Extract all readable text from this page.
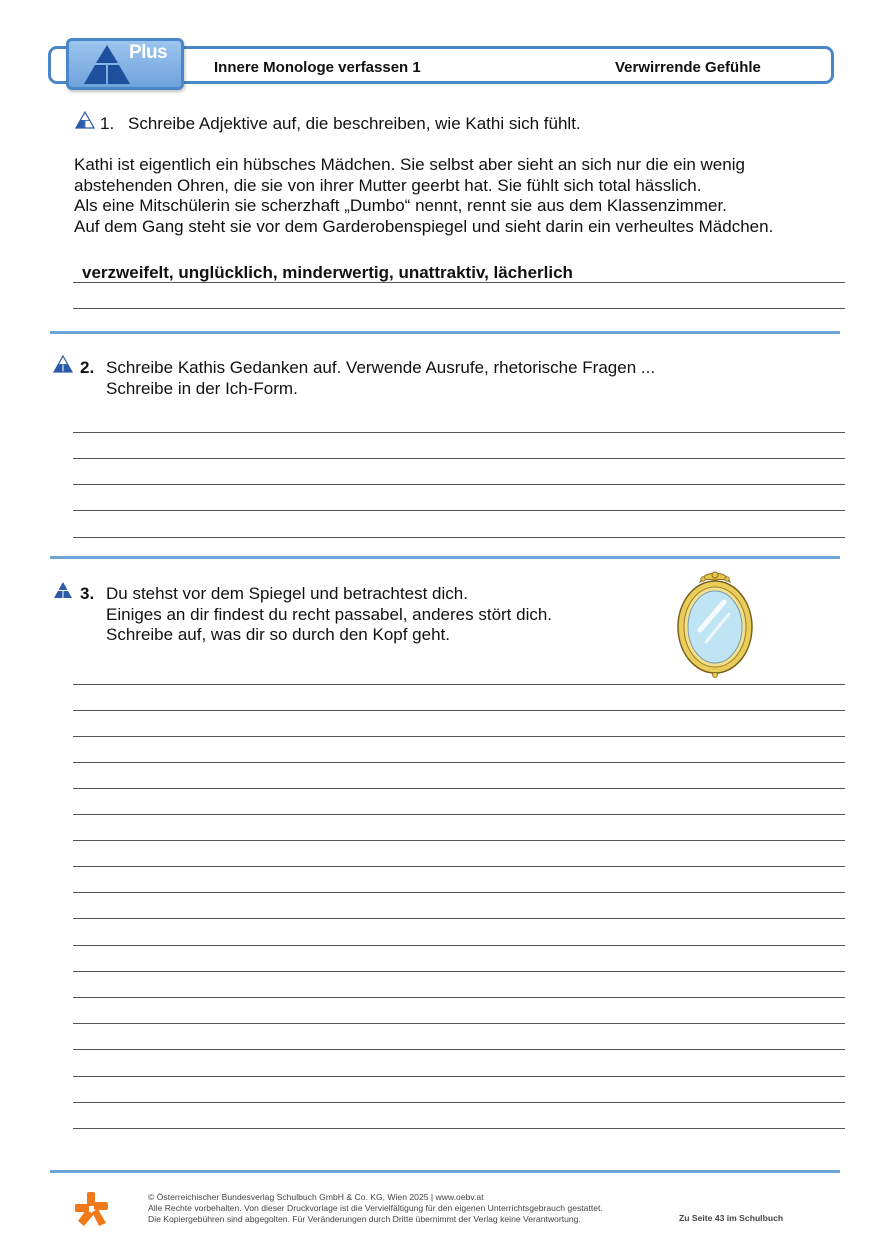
Plus
Innere Monologe verfassen 1	Verwirrende Gefühle
1. Schreibe Adjektive auf, die beschreiben, wie Kathi sich fühlt.
Kathi ist eigentlich ein hübsches Mädchen. Sie selbst aber sieht an sich nur die ein wenig
abstehenden Ohren, die sie von ihrer Mutter geerbt hat. Sie fühlt sich total hässlich.
Als eine Mitschülerin sie scherzhaft „Dumbo“ nennt, rennt sie aus dem Klassenzimmer.
Auf dem Gang steht sie vor dem Garderobenspiegel und sieht darin ein verheultes Mädchen.
verzweifelt, unglücklich, minderwertig, unattraktiv, lächerlich
2. Schreibe Kathis Gedanken auf. Verwende Ausrufe, rhetorische Fragen ...
Schreibe in der Ich-Form.
3. Du stehst vor dem Spiegel und betrachtest dich.
Einiges an dir findest du recht passabel, anderes stört dich.
Schreibe auf, was dir so durch den Kopf geht.
© Österreichischer Bundesverlag Schulbuch GmbH & Co. KG, Wien 2025 | www.oebv.at
Alle Rechte vorbehalten. Von dieser Druckvorlage ist die Vervielfältigung für den eigenen Unterrichtsgebrauch gestattet.
Die Kopiergebühren sind abgegolten. Für Veränderungen durch Dritte übernimmt der Verlag keine Verantwortung.	Zu Seite 43 im Schulbuch
